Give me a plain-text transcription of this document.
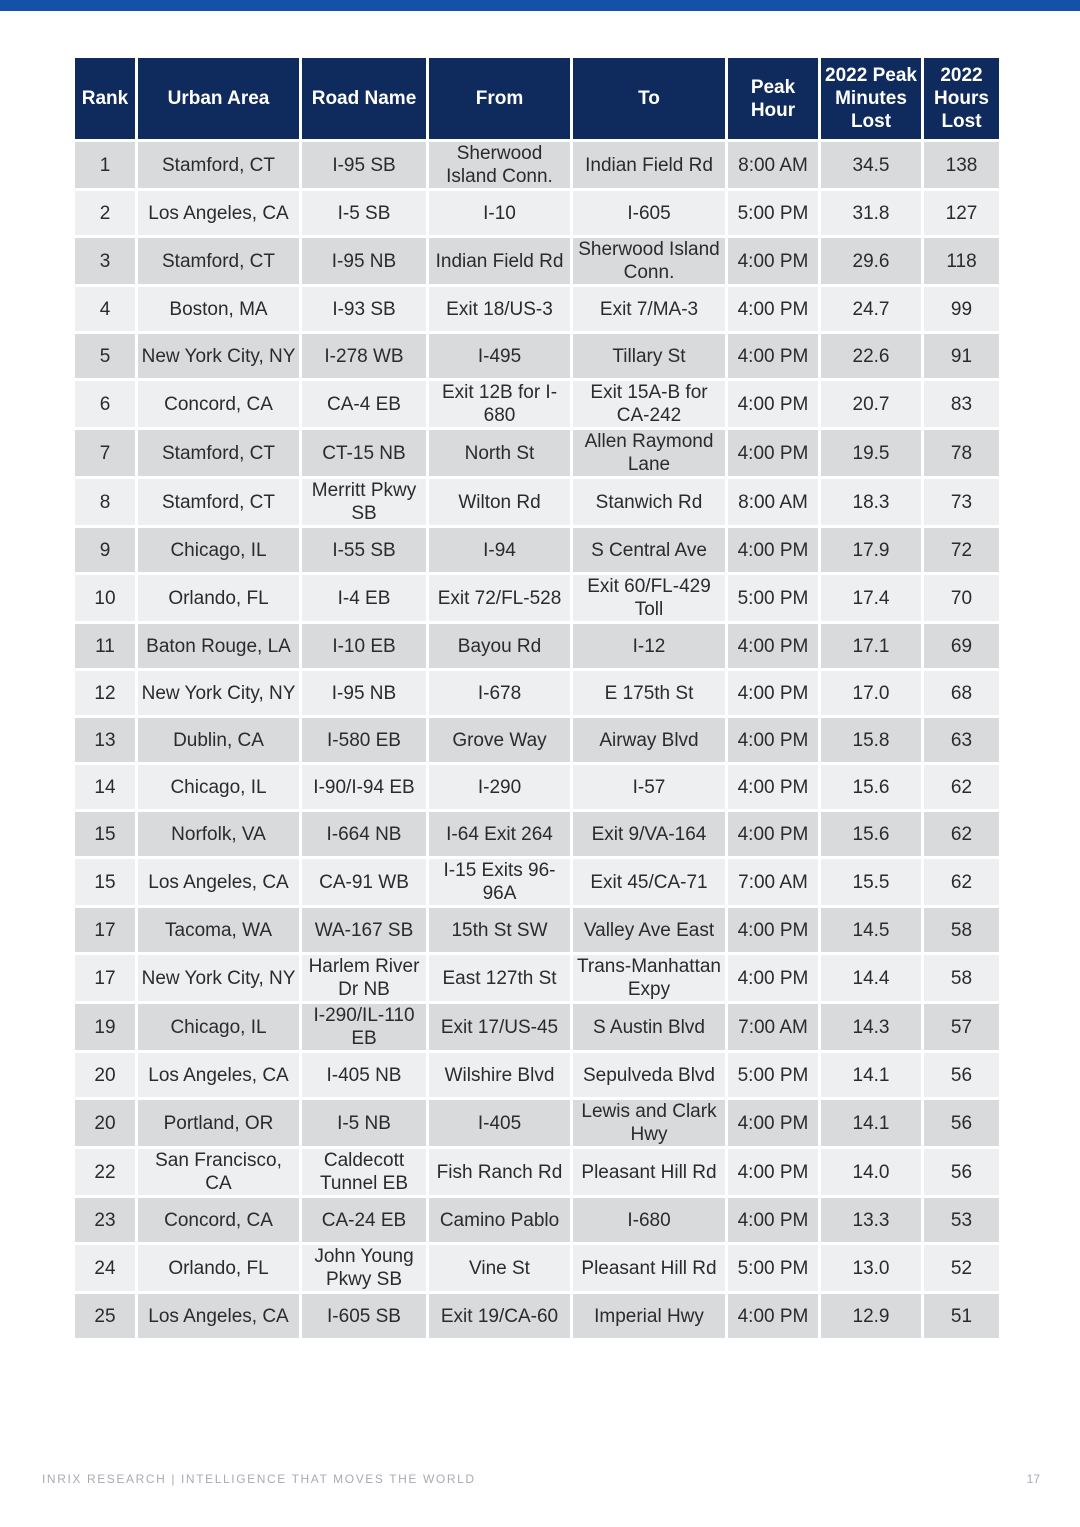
Rank	Urban Area	Road Name	From	To	Peak Hour	2022 Peak Minutes Lost	2022 Hours Lost
1	Stamford, CT	I-95 SB	Sherwood Island Conn.	Indian Field Rd	8:00 AM	34.5	138
2	Los Angeles, CA	I-5 SB	I-10	I-605	5:00 PM	31.8	127
3	Stamford, CT	I-95 NB	Indian Field Rd	Sherwood Island Conn.	4:00 PM	29.6	118
4	Boston, MA	I-93 SB	Exit 18/US-3	Exit 7/MA-3	4:00 PM	24.7	99
5	New York City, NY	I-278 WB	I-495	Tillary St	4:00 PM	22.6	91
6	Concord, CA	CA-4 EB	Exit 12B for I-680	Exit 15A-B for CA-242	4:00 PM	20.7	83
7	Stamford, CT	CT-15 NB	North St	Allen Raymond Lane	4:00 PM	19.5	78
8	Stamford, CT	Merritt Pkwy SB	Wilton Rd	Stanwich Rd	8:00 AM	18.3	73
9	Chicago, IL	I-55 SB	I-94	S Central Ave	4:00 PM	17.9	72
10	Orlando, FL	I-4 EB	Exit 72/FL-528	Exit 60/FL-429 Toll	5:00 PM	17.4	70
11	Baton Rouge, LA	I-10 EB	Bayou Rd	I-12	4:00 PM	17.1	69
12	New York City, NY	I-95 NB	I-678	E 175th St	4:00 PM	17.0	68
13	Dublin, CA	I-580 EB	Grove Way	Airway Blvd	4:00 PM	15.8	63
14	Chicago, IL	I-90/I-94 EB	I-290	I-57	4:00 PM	15.6	62
15	Norfolk, VA	I-664 NB	I-64 Exit 264	Exit 9/VA-164	4:00 PM	15.6	62
15	Los Angeles, CA	CA-91 WB	I-15 Exits 96-96A	Exit 45/CA-71	7:00 AM	15.5	62
17	Tacoma, WA	WA-167 SB	15th St SW	Valley Ave East	4:00 PM	14.5	58
17	New York City, NY	Harlem River Dr NB	East 127th St	Trans-Manhattan Expy	4:00 PM	14.4	58
19	Chicago, IL	I-290/IL-110 EB	Exit 17/US-45	S Austin Blvd	7:00 AM	14.3	57
20	Los Angeles, CA	I-405 NB	Wilshire Blvd	Sepulveda Blvd	5:00 PM	14.1	56
20	Portland, OR	I-5 NB	I-405	Lewis and Clark Hwy	4:00 PM	14.1	56
22	San Francisco, CA	Caldecott Tunnel EB	Fish Ranch Rd	Pleasant Hill Rd	4:00 PM	14.0	56
23	Concord, CA	CA-24 EB	Camino Pablo	I-680	4:00 PM	13.3	53
24	Orlando, FL	John Young Pkwy SB	Vine St	Pleasant Hill Rd	5:00 PM	13.0	52
25	Los Angeles, CA	I-605 SB	Exit 19/CA-60	Imperial Hwy	4:00 PM	12.9	51
INRIX RESEARCH | INTELLIGENCE THAT MOVES THE WORLD	17
